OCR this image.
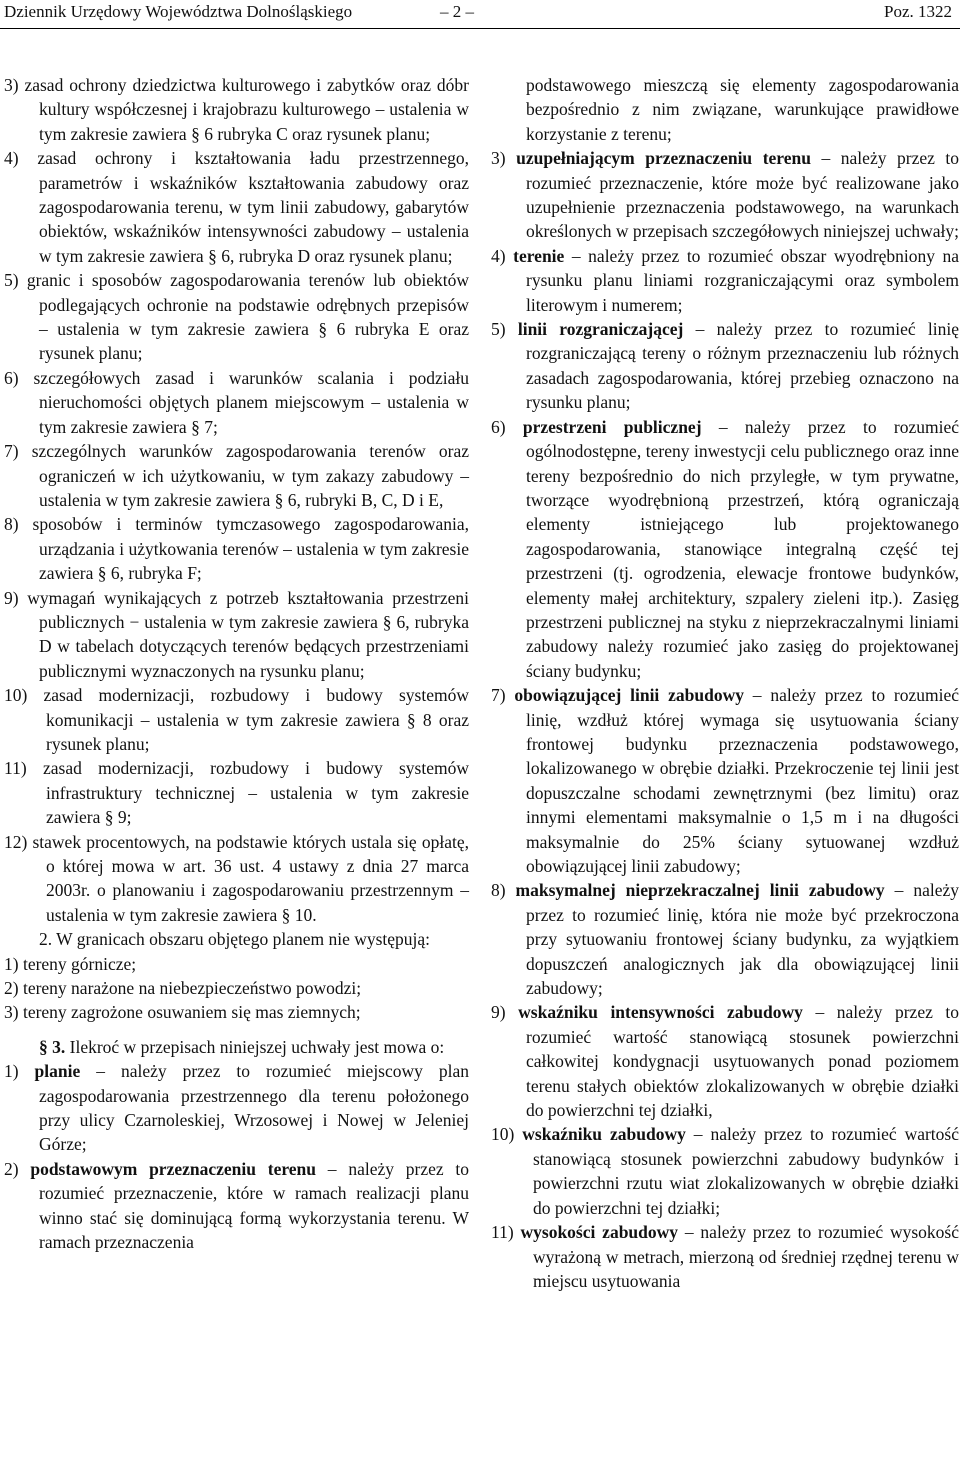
Dziennik Urzędowy Województwa Dolnośląskiego	– 2 –	Poz. 1322

3) zasad ochrony dziedzictwa kulturowego i zabytków oraz dóbr kultury współczesnej i krajobrazu kulturowego – ustalenia w tym zakresie zawiera § 6 rubryka C oraz rysunek planu;

4) zasad ochrony i kształtowania ładu przestrzennego, parametrów i wskaźników kształtowania zabudowy oraz zagospodarowania terenu, w tym linii zabudowy, gabarytów obiektów, wskaźników intensywności zabudowy – ustalenia w tym zakresie zawiera § 6, rubryka D oraz rysunek planu;

5) granic i sposobów zagospodarowania terenów lub obiektów podlegających ochronie na podstawie odrębnych przepisów – ustalenia w tym zakresie zawiera § 6 rubryka E oraz rysunek planu;

6) szczegółowych zasad i warunków scalania i podziału nieruchomości objętych planem miejscowym – ustalenia w tym zakresie zawiera § 7;

7) szczególnych warunków zagospodarowania terenów oraz ograniczeń w ich użytkowaniu, w tym zakazy zabudowy – ustalenia w tym zakresie zawiera § 6, rubryki B, C, D i E,

8) sposobów i terminów tymczasowego zagospodarowania, urządzania i użytkowania terenów – ustalenia w tym zakresie zawiera § 6, rubryka F;

9) wymagań wynikających z potrzeb kształtowania przestrzeni publicznych − ustalenia w tym zakresie zawiera § 6, rubryka D w tabelach dotyczących terenów będących przestrzeniami publicznymi wyznaczonych na rysunku planu;

10) zasad modernizacji, rozbudowy i budowy systemów komunikacji – ustalenia w tym zakresie zawiera § 8 oraz rysunek planu;

11) zasad modernizacji, rozbudowy i budowy systemów infrastruktury technicznej – ustalenia w tym zakresie zawiera § 9;

12) stawek procentowych, na podstawie których ustala się opłatę, o której mowa w art. 36 ust. 4 ustawy z dnia 27 marca 2003r. o planowaniu i zagospodarowaniu przestrzennym – ustalenia w tym zakresie zawiera § 10.

2. W granicach obszaru objętego planem nie występują:

1) tereny górnicze;

2) tereny narażone na niebezpieczeństwo powodzi;

3) tereny zagrożone osuwaniem się mas ziemnych;

§ 3. Ilekroć w przepisach niniejszej uchwały jest mowa o:

1) planie – należy przez to rozumieć miejscowy plan zagospodarowania przestrzennego dla terenu położonego przy ulicy Czarnoleskiej, Wrzosowej i Nowej w Jeleniej Górze;

2) podstawowym przeznaczeniu terenu – należy przez to rozumieć przeznaczenie, które w ramach realizacji planu winno stać się dominującą formą wykorzystania terenu. W ramach przeznaczenia

podstawowego mieszczą się elementy zagospodarowania bezpośrednio z nim związane, warunkujące prawidłowe korzystanie z terenu;

3) uzupełniającym przeznaczeniu terenu – należy przez to rozumieć przeznaczenie, które może być realizowane jako uzupełnienie przeznaczenia podstawowego, na warunkach określonych w przepisach szczegółowych niniejszej uchwały;

4) terenie – należy przez to rozumieć obszar wyodrębniony na rysunku planu liniami rozgraniczającymi oraz symbolem literowym i numerem;

5) linii rozgraniczającej – należy przez to rozumieć linię rozgraniczającą tereny o różnym przeznaczeniu lub różnych zasadach zagospodarowania, której przebieg oznaczono na rysunku planu;

6) przestrzeni publicznej – należy przez to rozumieć ogólnodostępne, tereny inwestycji celu publicznego oraz inne tereny bezpośrednio do nich przyległe, w tym prywatne, tworzące wyodrębnioną przestrzeń, którą ograniczają elementy istniejącego lub projektowanego zagospodarowania, stanowiące integralną część tej przestrzeni (tj. ogrodzenia, elewacje frontowe budynków, elementy małej architektury, szpalery zieleni itp.). Zasięg przestrzeni publicznej na styku z nieprzekraczalnymi liniami zabudowy należy rozumieć jako zasięg do projektowanej ściany budynku;

7) obowiązującej linii zabudowy – należy przez to rozumieć linię, wzdłuż której wymaga się usytuowania ściany frontowej budynku przeznaczenia podstawowego, lokalizowanego w obrębie działki. Przekroczenie tej linii jest dopuszczalne schodami zewnętrznymi (bez limitu) oraz innymi elementami maksymalnie o 1,5 m i na długości maksymalnie do 25% ściany sytuowanej wzdłuż obowiązującej linii zabudowy;

8) maksymalnej nieprzekraczalnej linii zabudowy – należy przez to rozumieć linię, która nie może być przekroczona przy sytuowaniu frontowej ściany budynku, za wyjątkiem dopuszczeń analogicznych jak dla obowiązującej linii zabudowy;

9) wskaźniku intensywności zabudowy – należy przez to rozumieć wartość stanowiącą stosunek powierzchni całkowitej kondygnacji usytuowanych ponad poziomem terenu stałych obiektów zlokalizowanych w obrębie działki do powierzchni tej działki,

10) wskaźniku zabudowy – należy przez to rozumieć wartość stanowiącą stosunek powierzchni zabudowy budynków i powierzchni rzutu wiat zlokalizowanych w obrębie działki do powierzchni tej działki;

11) wysokości zabudowy – należy przez to rozumieć wysokość wyrażoną w metrach, mierzoną od średniej rzędnej terenu w miejscu usytuowania
